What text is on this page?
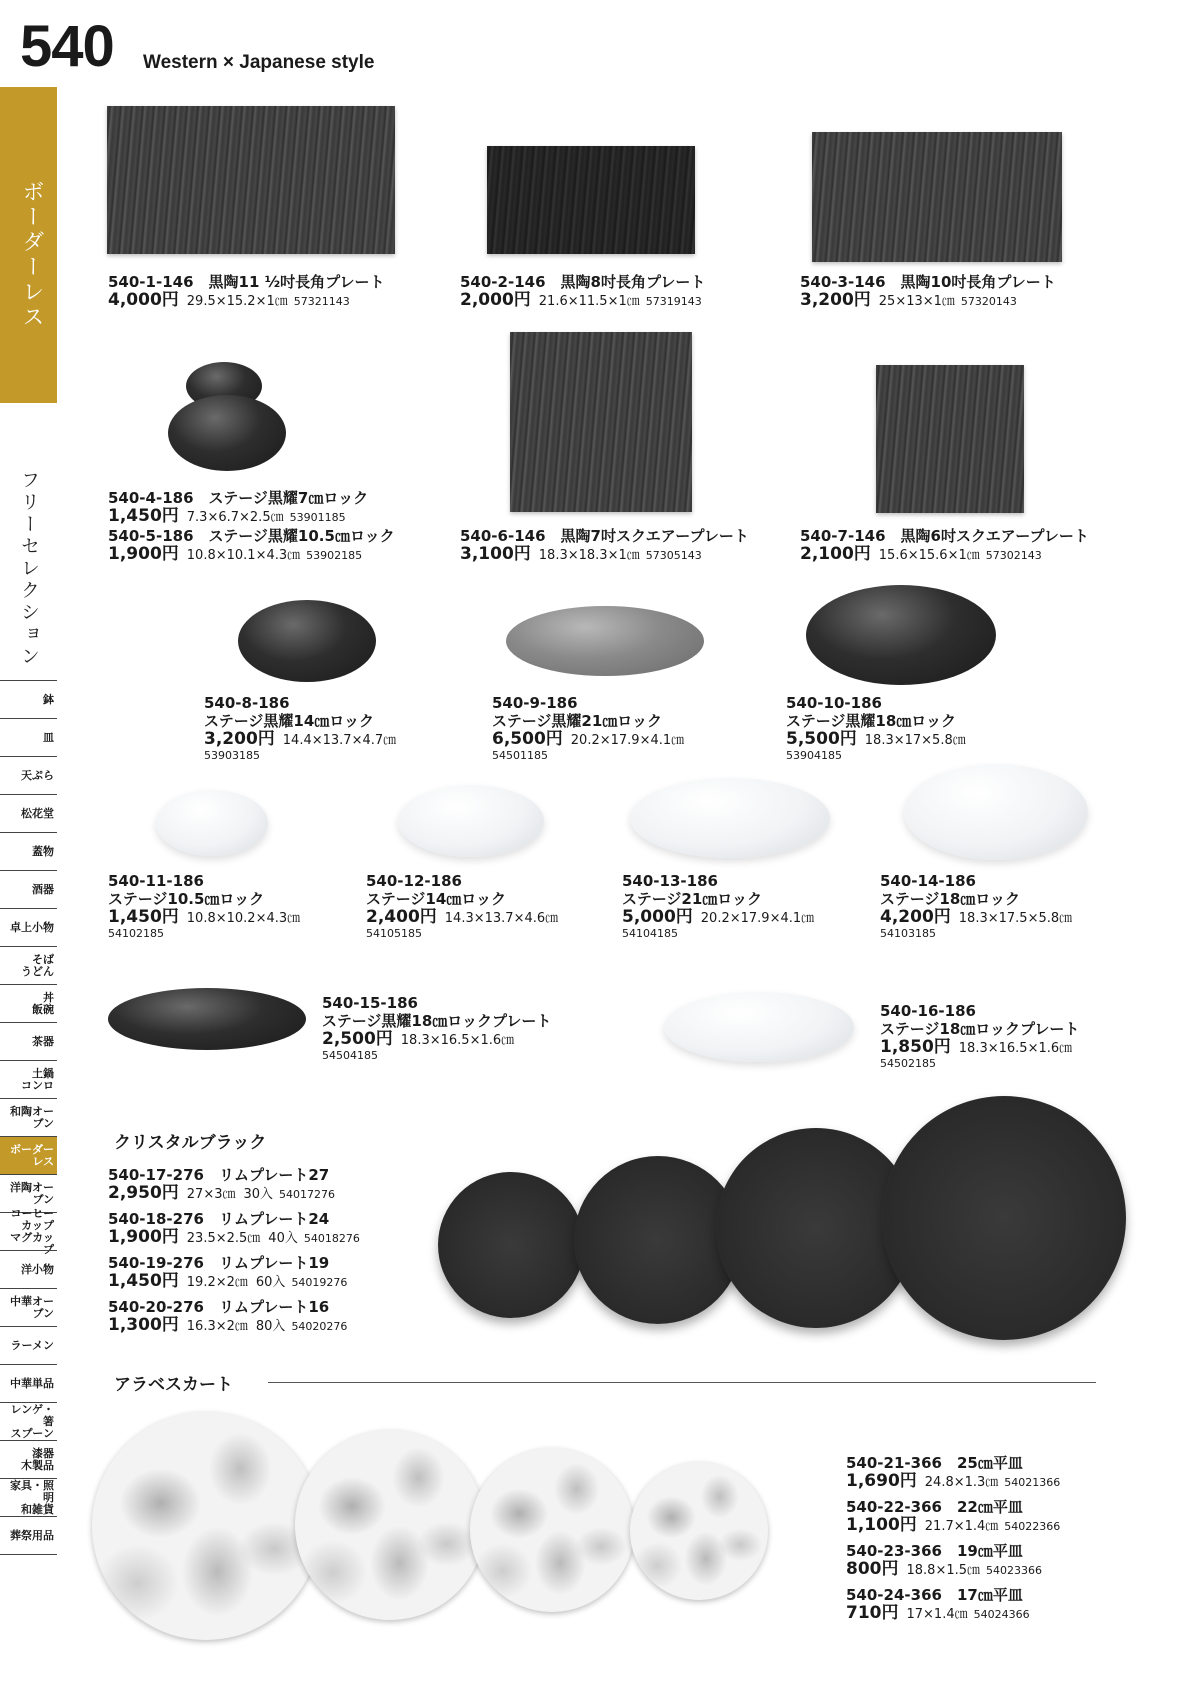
540 Western × Japanese style
ボーダーレス
フリーセレクション
鉢
皿
天ぷら
松花堂
蓋物
酒器
卓上小物
そば
うどん
丼
飯碗
茶器
土鍋
コンロ
和陶オーブン
ボーダーレス
洋陶オーブン
コーヒーカップ
マグカップ
洋小物
中華オーブン
ラーメン
中華単品
レンゲ・箸
スプーン
漆器
木製品
家具・照明
和雑貨
葬祭用品
540-1-146　 黒陶11 ½吋長角プレート
4,000円 29.5×15.2×1㎝ 57321143
540-2-146　 黒陶8吋長角プレート
2,000円 21.6×11.5×1㎝ 57319143
540-3-146　 黒陶10吋長角プレート
3,200円 25×13×1㎝ 57320143
540-4-186　 ステージ黒耀7㎝ロック
1,450円 7.3×6.7×2.5㎝ 53901185
540-5-186　 ステージ黒耀10.5㎝ロック
1,900円 10.8×10.1×4.3㎝ 53902185
540-6-146　 黒陶7吋スクエアープレート
3,100円 18.3×18.3×1㎝ 57305143
540-7-146　 黒陶6吋スクエアープレート
2,100円 15.6×15.6×1㎝ 57302143
540-8-186
ステージ黒耀14㎝ロック
3,200円 14.4×13.7×4.7㎝
53903185
540-9-186
ステージ黒耀21㎝ロック
6,500円 20.2×17.9×4.1㎝
54501185
540-10-186
ステージ黒耀18㎝ロック
5,500円 18.3×17×5.8㎝
53904185
540-11-186
ステージ10.5㎝ロック
1,450円 10.8×10.2×4.3㎝
54102185
540-12-186
ステージ14㎝ロック
2,400円 14.3×13.7×4.6㎝
54105185
540-13-186
ステージ21㎝ロック
5,000円 20.2×17.9×4.1㎝
54104185
540-14-186
ステージ18㎝ロック
4,200円 18.3×17.5×5.8㎝
54103185
540-15-186
ステージ黒耀18㎝ロックプレート
2,500円 18.3×16.5×1.6㎝
54504185
540-16-186
ステージ18㎝ロックプレート
1,850円 18.3×16.5×1.6㎝
54502185
クリスタルブラック
540-17-276　 リムプレート27
2,950円 27×3㎝ 30入 54017276
540-18-276　 リムプレート24
1,900円 23.5×2.5㎝ 40入 54018276
540-19-276　 リムプレート19
1,450円 19.2×2㎝ 60入 54019276
540-20-276　 リムプレート16
1,300円 16.3×2㎝ 80入 54020276
アラベスカート
540-21-366　 25㎝平皿
1,690円 24.8×1.3㎝ 54021366
540-22-366　 22㎝平皿
1,100円 21.7×1.4㎝ 54022366
540-23-366　 19㎝平皿
800円 18.8×1.5㎝ 54023366
540-24-366　 17㎝平皿
710円 17×1.4㎝ 54024366
